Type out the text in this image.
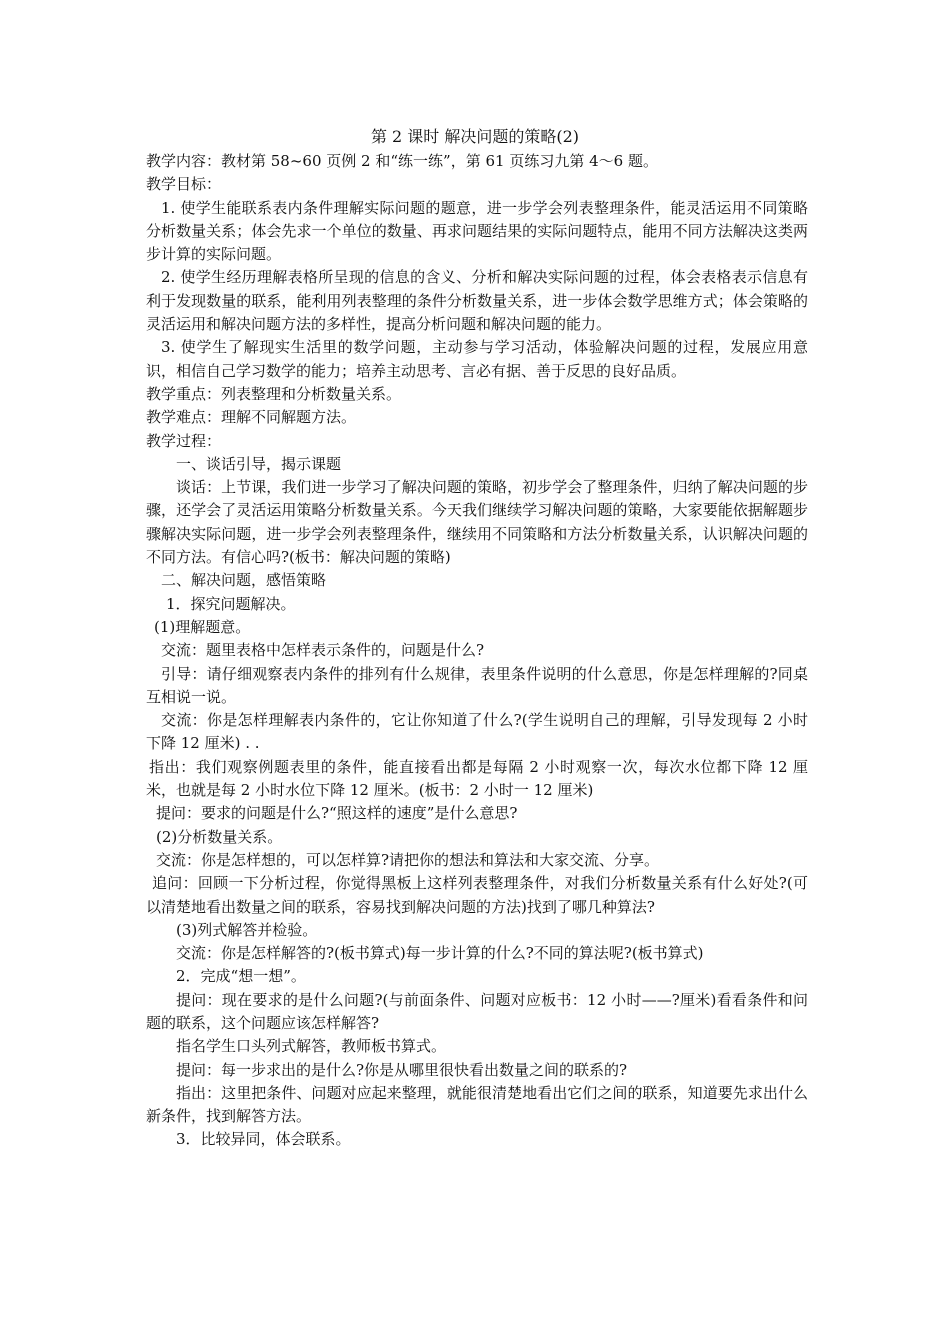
第 2 课时 解决问题的策略(2)

教学内容：教材第 58~60 页例 2 和“练一练”，第 61 页练习九第 4～6 题。

教学目标：

1. 使学生能联系表内条件理解实际问题的题意，进一步学会列表整理条件，能灵活运用不同策略分析数量关系；体会先求一个单位的数量、再求问题结果的实际问题特点，能用不同方法解决这类两步计算的实际问题。

2. 使学生经历理解表格所呈现的信息的含义、分析和解决实际问题的过程，体会表格表示信息有利于发现数量的联系，能利用列表整理的条件分析数量关系，进一步体会数学思维方式；体会策略的灵活运用和解决问题方法的多样性，提高分析问题和解决问题的能力。

3. 使学生了解现实生活里的数学问题，主动参与学习活动，体验解决问题的过程，发展应用意识，相信自己学习数学的能力；培养主动思考、言必有据、善于反思的良好品质。

教学重点：列表整理和分析数量关系。

教学难点：理解不同解题方法。

教学过程：

一、谈话引导，揭示课题

谈话：上节课，我们进一步学习了解决问题的策略，初步学会了整理条件，归纳了解决问题的步骤，还学会了灵活运用策略分析数量关系。今天我们继续学习解决问题的策略，大家要能依据解题步骤解决实际问题，进一步学会列表整理条件，继续用不同策略和方法分析数量关系，认识解决问题的不同方法。有信心吗?(板书：解决问题的策略)

二、解决问题，感悟策略

1．探究问题解决。

(1)理解题意。

交流：题里表格中怎样表示条件的，问题是什么?

引导：请仔细观察表内条件的排列有什么规律，表里条件说明的什么意思，你是怎样理解的?同桌互相说一说。

交流：你是怎样理解表内条件的，它让你知道了什么?(学生说明自己的理解，引导发现每 2 小时下降 12 厘米) . .

指出：我们观察例题表里的条件，能直接看出都是每隔 2 小时观察一次，每次水位都下降 12 厘米，也就是每 2 小时水位下降 12 厘米。(板书：2 小时一 12 厘米)

提问：要求的问题是什么?“照这样的速度”是什么意思?

(2)分析数量关系。

交流：你是怎样想的，可以怎样算?请把你的想法和算法和大家交流、分享。

追问：回顾一下分析过程，你觉得黑板上这样列表整理条件，对我们分析数量关系有什么好处?(可以清楚地看出数量之间的联系，容易找到解决问题的方法)找到了哪几种算法?

(3)列式解答并检验。

交流：你是怎样解答的?(板书算式)每一步计算的什么?不同的算法呢?(板书算式)

2．完成“想一想”。

提问：现在要求的是什么问题?(与前面条件、问题对应板书：12 小时——?厘米)看看条件和问题的联系，这个问题应该怎样解答?

指名学生口头列式解答，教师板书算式。

提问：每一步求出的是什么?你是从哪里很快看出数量之间的联系的?

指出：这里把条件、问题对应起来整理，就能很清楚地看出它们之间的联系，知道要先求出什么新条件，找到解答方法。

3．比较异同，体会联系。
